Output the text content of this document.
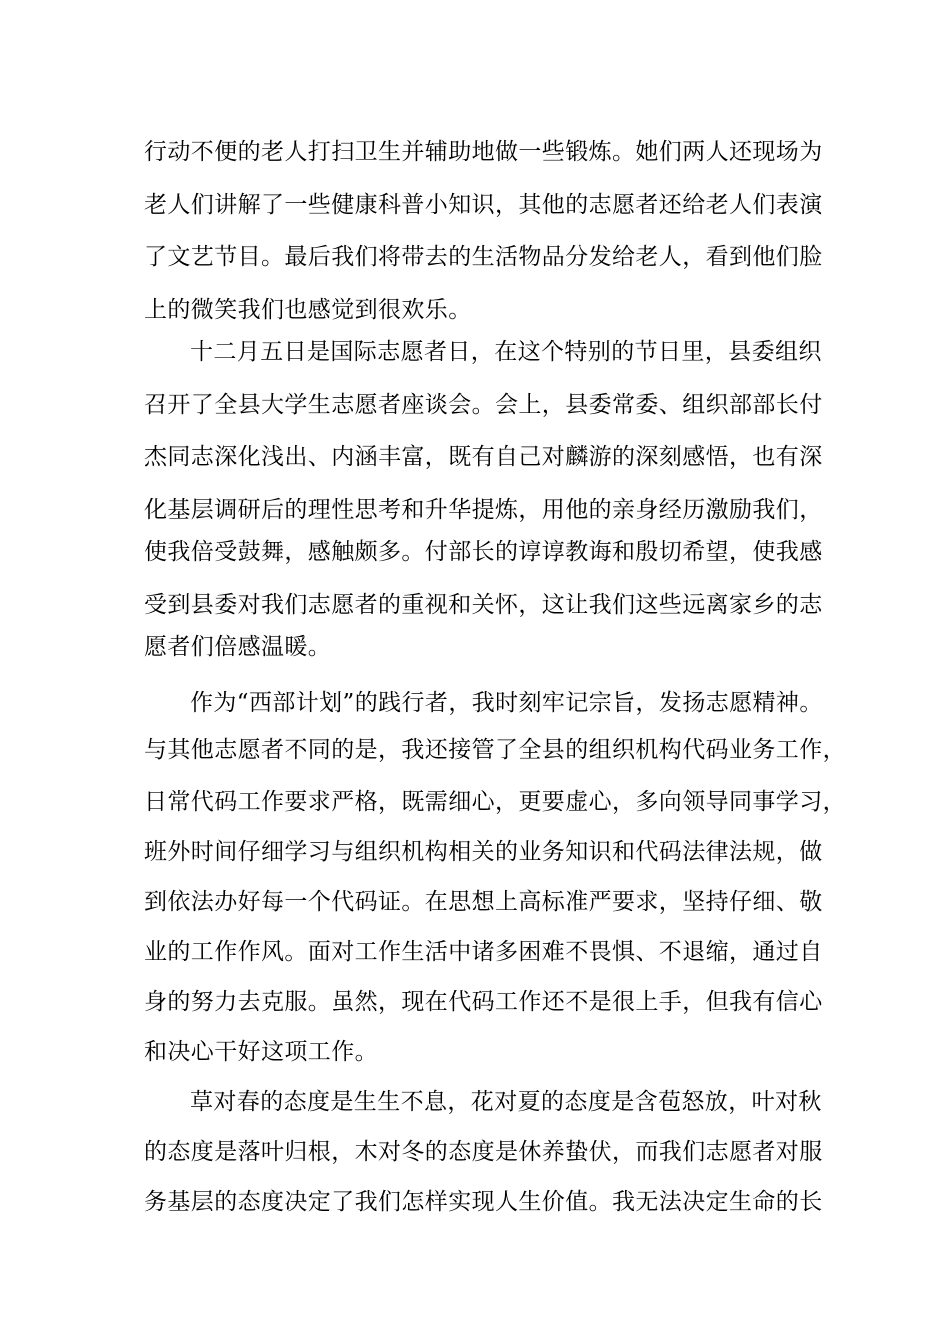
行动不便的老人打扫卫生并辅助地做一些锻炼。她们两人还现场为
老人们讲解了一些健康科普小知识，其他的志愿者还给老人们表演
了文艺节目。最后我们将带去的生活物品分发给老人，看到他们脸
上的微笑我们也感觉到很欢乐。
十二月五日是国际志愿者日，在这个特别的节日里，县委组织
召开了全县大学生志愿者座谈会。会上，县委常委、组织部部长付
杰同志深化浅出、内涵丰富，既有自己对麟游的深刻感悟，也有深
化基层调研后的理性思考和升华提炼，用他的亲身经历激励我们，
使我倍受鼓舞，感触颇多。付部长的谆谆教诲和殷切希望，使我感
受到县委对我们志愿者的重视和关怀，这让我们这些远离家乡的志
愿者们倍感温暖。
作为“西部计划”的践行者，我时刻牢记宗旨，发扬志愿精神。
与其他志愿者不同的是，我还接管了全县的组织机构代码业务工作，
日常代码工作要求严格，既需细心，更要虚心，多向领导同事学习，
班外时间仔细学习与组织机构相关的业务知识和代码法律法规，做
到依法办好每一个代码证。在思想上高标准严要求，坚持仔细、敬
业的工作作风。面对工作生活中诸多困难不畏惧、不退缩，通过自
身的努力去克服。虽然，现在代码工作还不是很上手，但我有信心
和决心干好这项工作。
草对春的态度是生生不息，花对夏的态度是含苞怒放，叶对秋
的态度是落叶归根，木对冬的态度是休养蛰伏，而我们志愿者对服
务基层的态度决定了我们怎样实现人生价值。我无法决定生命的长
